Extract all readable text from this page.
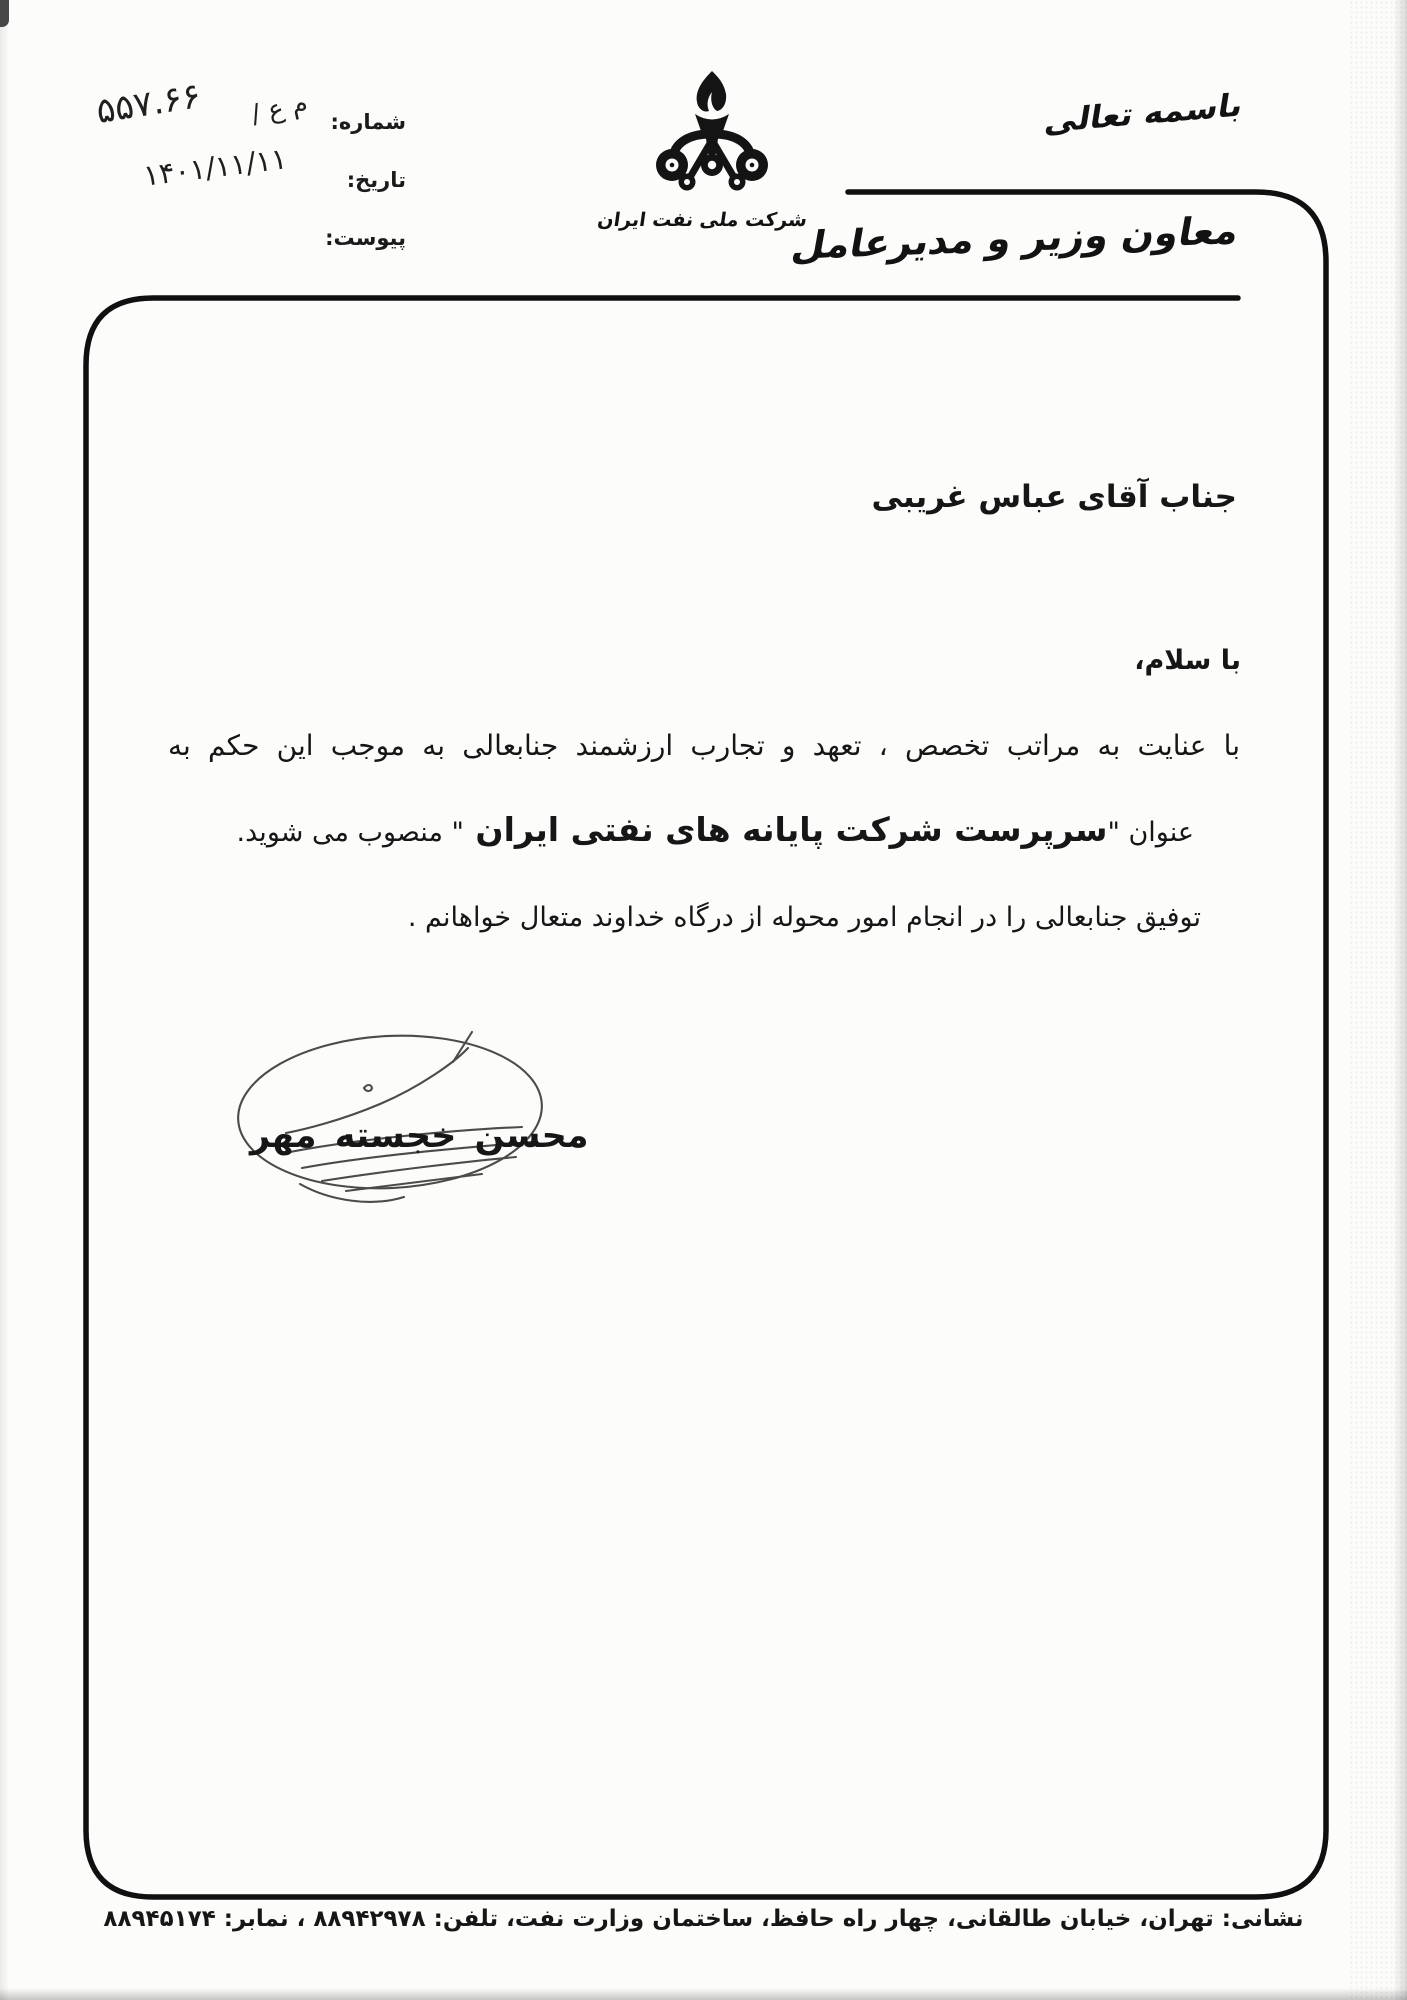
شرکت ملی نفت ایران
شماره:
تاریخ:
پیوست:
م ع /
۵۵۷.۶۶
۱۴۰۱/۱۱/۱۱
باسمه تعالی
معاون وزیر و مدیرعامل
جناب آقای عباس غریبی
با سلام،
با عنایت به مراتب تخصص ، تعهد و تجارب ارزشمند جنابعالی به موجب این حکم به
عنوان "سرپرست شرکت پایانه های نفتی ایران " منصوب می شوید.
توفیق جنابعالی را در انجام امور محوله از درگاه خداوند متعال خواهانم .
محسن خجسته مهر
نشانی: تهران، خیابان طالقانی، چهار راه حافظ، ساختمان وزارت نفت، تلفن: ۸۸۹۴۲۹۷۸ ، نمابر: ۸۸۹۴۵۱۷۴
